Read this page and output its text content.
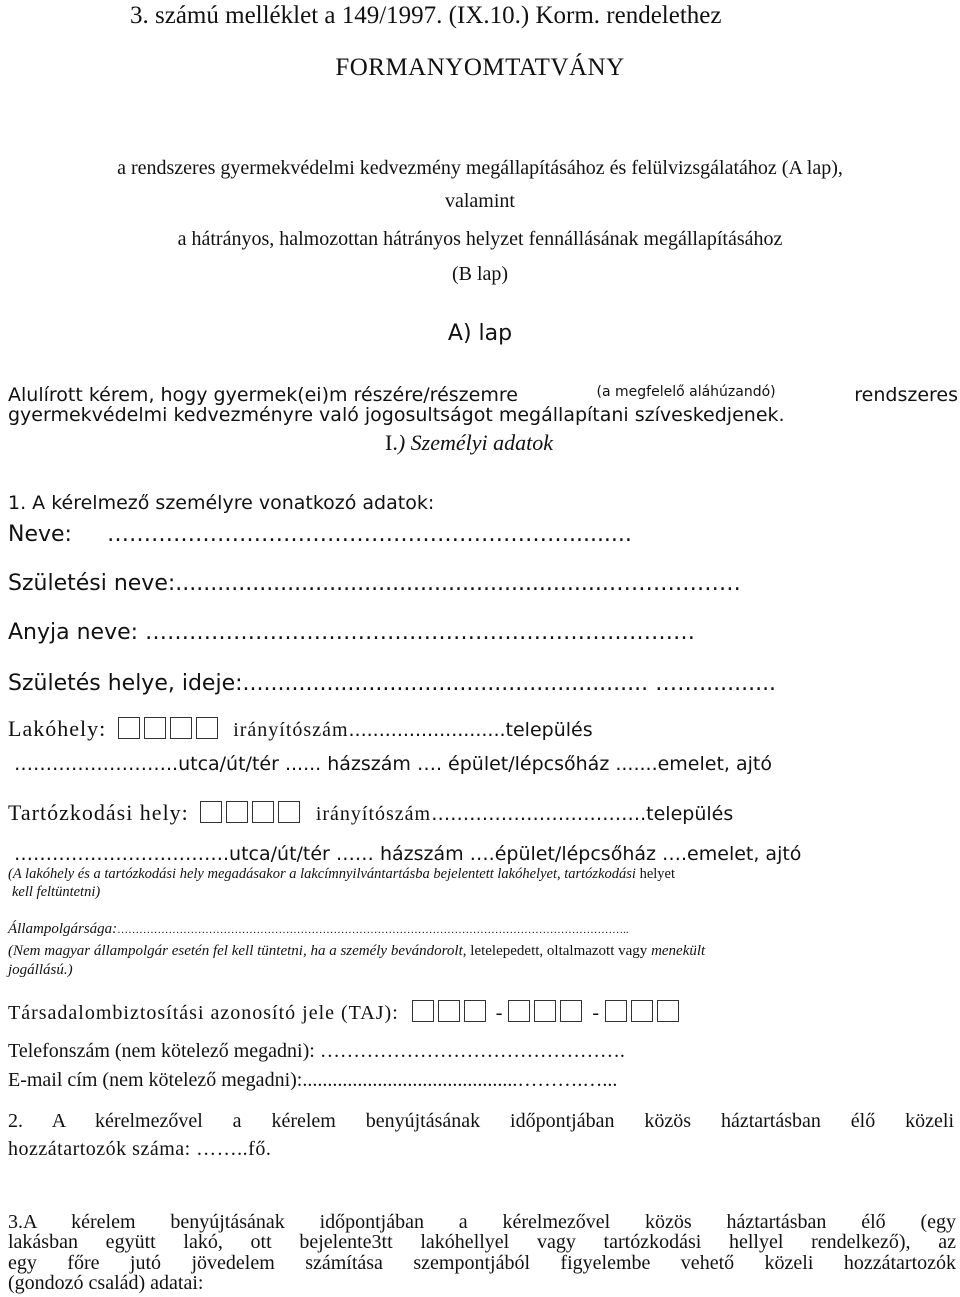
3. számú melléklet a 149/1997. (IX.10.) Korm. rendelethez
FORMANYOMTATVÁNY
a rendszeres gyermekvédelmi kedvezmény megállapításához és felülvizsgálatához (A lap),
valamint
a hátrányos, halmozottan hátrányos helyzet fennállásának megállapításához
(B lap)
A) lap
Alulírott kérem, hogy gyermek(ei)m részére/részemre	(a megfelelő aláhúzandó)	rendszeres
gyermekvédelmi kedvezményre való jogosultságot megállapítani szíveskedjenek.
I.) Személyi adatok
1. A kérelmező személyre vonatkozó adatok:
Neve: ……………………………………………………….........
Születési neve:..............................................................………………
Anyja neve: …………………………………………………………………
Születés helye, ideje:.......................................................... ……...........
Lakóhely:	irányítószám..........................település
……………………..utca/út/tér ...... házszám …. épület/lépcsőház .......emelet, ajtó
Tartózkodási hely:	irányítószám…………………………….település
…………………………….utca/út/tér …… házszám ….épület/lépcsőház ….emelet, ajtó
(A lakóhely és a tartózkodási hely megadásakor a lakcímnyilvántartásba bejelentett lakóhelyet, tartózkodási helyet
kell feltüntetni)
Állampolgársága:…………………………………………………………………………………………………………………………..
(Nem magyar állampolgár esetén fel kell tüntetni, ha a személy bevándorolt, letelepedett, oltalmazott vagy menekült
jogállású.)
Társadalombiztosítási azonosító jele (TAJ):	-	-
Telefonszám (nem kötelező megadni): ……………………………………….
E-mail cím (nem kötelező megadni):...........................................……….…...
2. A kérelmezővel a kérelem benyújtásának időpontjában közös háztartásban élő közeli
hozzátartozók száma: ……..fő.
3.A kérelem benyújtásának időpontjában a kérelmezővel közös háztartásban élő (egy
lakásban együtt lakó, ott bejelente3tt lakóhellyel vagy tartózkodási hellyel rendelkező), az
egy főre jutó jövedelem számítása szempontjából figyelembe vehető közeli hozzátartozók
(gondozó család) adatai:
